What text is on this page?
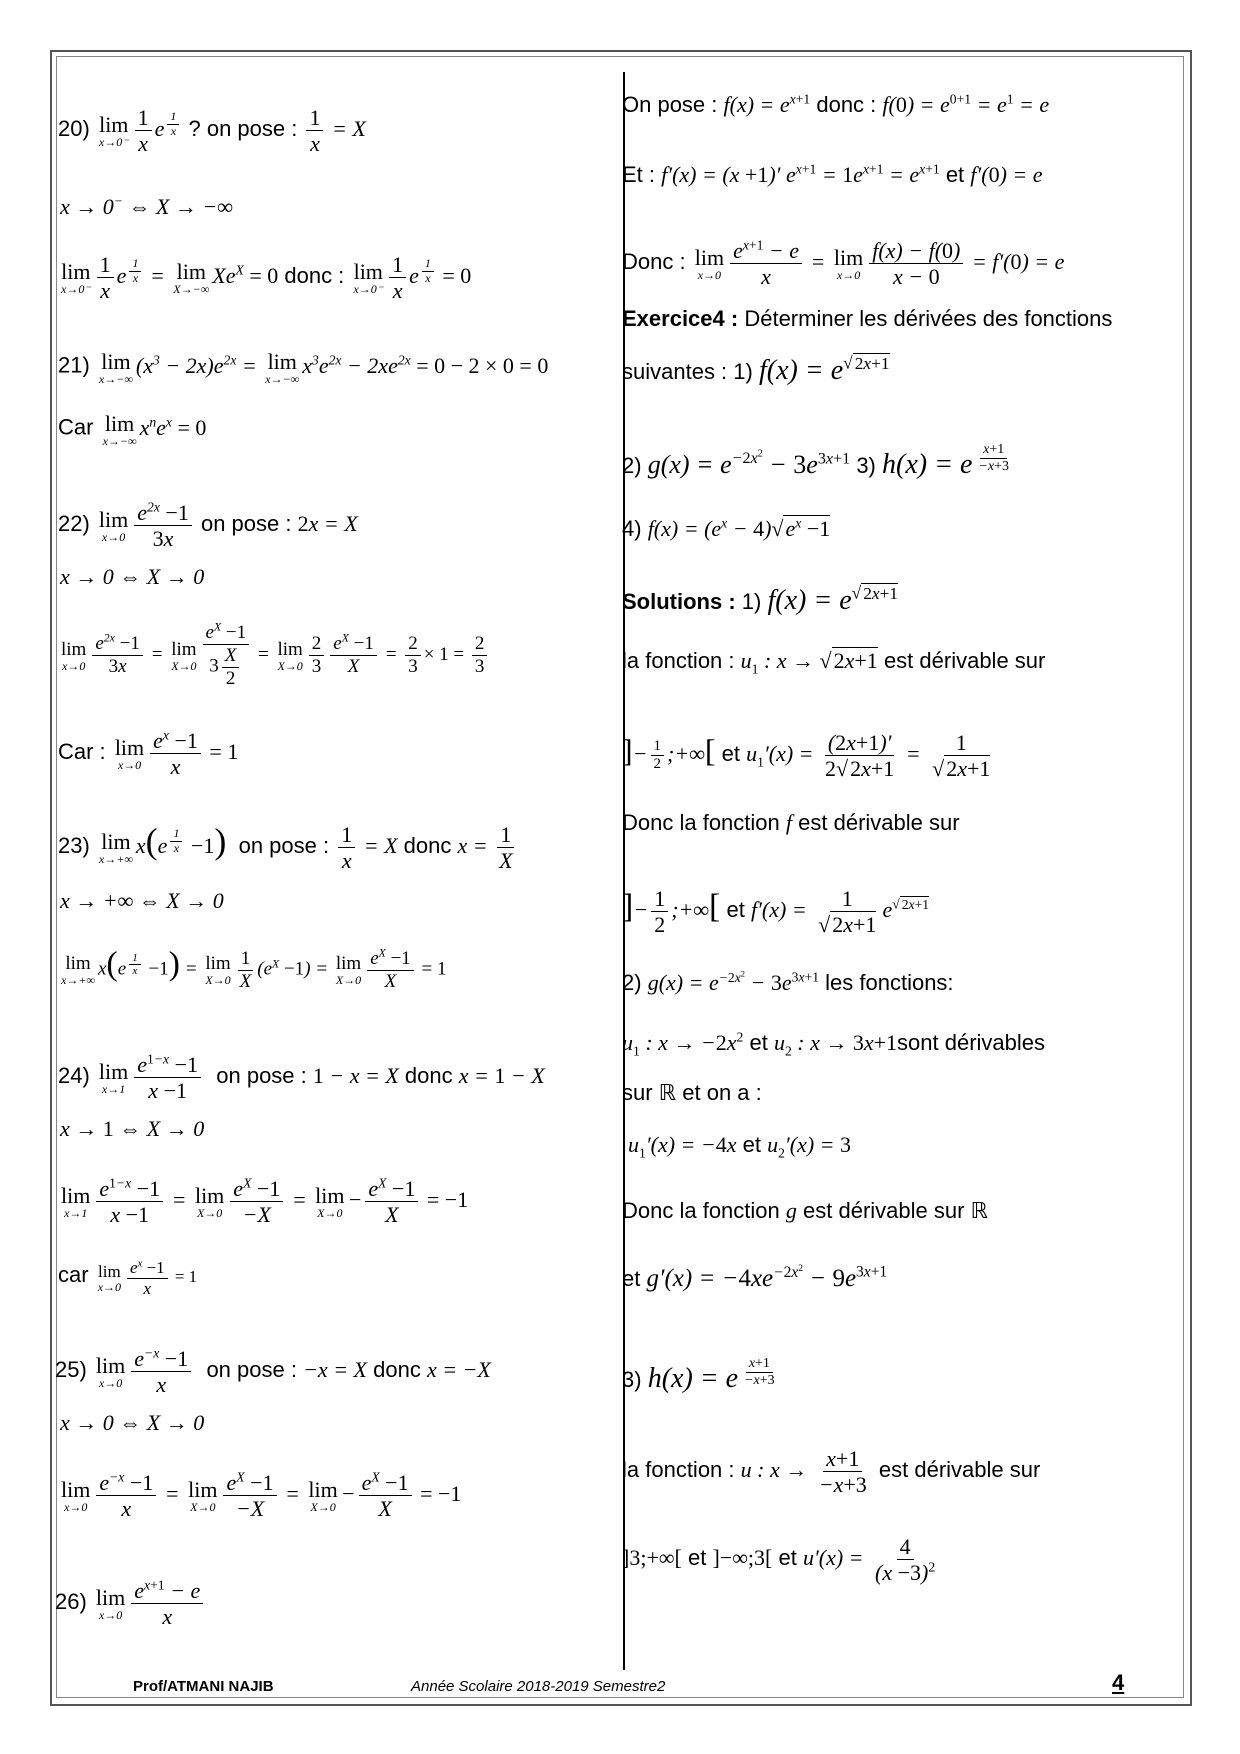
20) lim
$x\to 0^- \frac{1}{x}$ e $^{\frac{1}{x}}$ ? on pose : $\frac{1}{x} = X$
x → 0− ⇔ X → −∞
lim
$x\to 0^- \frac{1}{x}$ e $^{\frac{1}{x}}$ = lim
X→−∞
$Xe^X = 0$ donc : lim
$x\to 0^- \frac{1}{x}$ e $^{\frac{1}{x}}$ = 0
21) lim
x→−∞
$(x^3 - 2x)e^{2x} = \lim$
x→−∞
$x^3e^{2x} - 2xe^{2x} = 0 - 2 \times 0 = 0$
Car lim
x→−∞
$x^ne^x = 0$
22) lim
$x\to 0 \frac{e^{2x} -1}{3x}$ on pose : 2x = X
x → 0 ⇔ X → 0
lim
$x\to 0 \frac{e^{2x} -1}{3x} = \lim$
$X\to 0 \frac{e^X -1}{3 \frac{X}{2}} = \lim$
$X\to 0 \frac{2}{3} \frac{e^X -1}{X} = \frac{2}{3} \times 1 = \frac{2}{3}$
Car : lim
$x\to 0 \frac{e^x -1}{x} = 1$
23) lim
x→+∞
x(e $^{\frac{1}{x}}$ −1) on pose : $\frac{1}{x} = X$ donc $x = \frac{1}{X}$
x → +∞ ⇔ X → 0
lim
x→+∞
x(e $^{\frac{1}{x}}$ −1) = lim
$X\to 0 \frac{1}{X} (e^X -1) = \lim$
$X\to 0 \frac{e^X -1}{X} = 1$
24) lim
$x\to 1 \frac{e^{1-x} -1}{x -1}$ on pose : 1 − x = X donc x = 1 − X
x → 1 ⇔ X → 0
lim
$x\to 1 \frac{e^{1-x} -1}{x -1} = \lim$
$X\to 0 \frac{e^X -1}{-X} = \lim$
X→0
− $\frac{e^X -1}{X} = -1$
car lim
$x\to 0 \frac{e^x -1}{x} = 1$
25) lim
$x\to 0 \frac{e^{-x} -1}{x}$ on pose : −x = X donc x = −X
x → 0 ⇔ X → 0
lim
$x\to 0 \frac{e^{-x} -1}{x} = \lim$
$X\to 0 \frac{e^X -1}{-X} = \lim$
X→0
− $\frac{e^X -1}{X} = -1$
26) lim
$x\to 0 \frac{e^{x+1} - e}{x}$
On pose : $f(x) = e^{x+1}$ donc : $f(0) = e^{0+1} = e^1 = e$
Et : f′(x) = (x +1)′ $e^{x+1} = 1e^{x+1} = e^{x+1}$ et f′(0) = e
Donc : lim
$x\to 0 \frac{e^{x+1} - e}{x} = \lim$
$x\to 0 \frac{f(x) - f(0)}{x - 0} = f'(0) = e$
Exercice4 : Déterminer les dérivées des fonctions
suivantes : 1) $f(x) = e^{√ 2x+1}$
2) $g(x) = e^{-2x^2} - 3e^{3x+1}$ 3) h(x) = e $^{\frac{x+1}{-x+3}}$
4) $f(x) = (e^x - 4)√e^x -1$
Solutions : 1) $f(x) = e^{√ 2x+1}$
la fonction : $u_1$ : x → √2x+1 est dérivable sur
]− $\frac{1}{2}$ ;+∞[ et $u_1'(x) = \frac{(2x+1)'}{2√2x+1} = \frac{1}{√2x+1}$
Donc la fonction f est dérivable sur
]− $\frac{1}{2}$ ;+∞[ et $f'(x) = \frac{1}{√2x+1} e^{√ 2x+1}$
2) $g(x) = e^{-2x^2} - 3e^{3x+1}$ les fonctions:
$u_1$ : $x \to -2x^2$ et $u_2$ : x → 3x+1sont dérivables
sur ℝ et on a :
$u_1'(x) = -4x$ et $u_2'(x) = 3$
Donc la fonction g est dérivable sur ℝ
et $g'(x) = -4xe^{-2x^2} - 9e^{3x+1}$
3) h(x) = e $^{\frac{x+1}{-x+3}}$
la fonction : u : $x \to \frac{x+1}{-x+3}$ est dérivable sur
]3;+∞[ et ]−∞;3[ et $u'(x) = \frac{4}{(x -3)^2}$
Prof/ATMANI NAJIB	Année Scolaire 2018-2019 Semestre2	4
